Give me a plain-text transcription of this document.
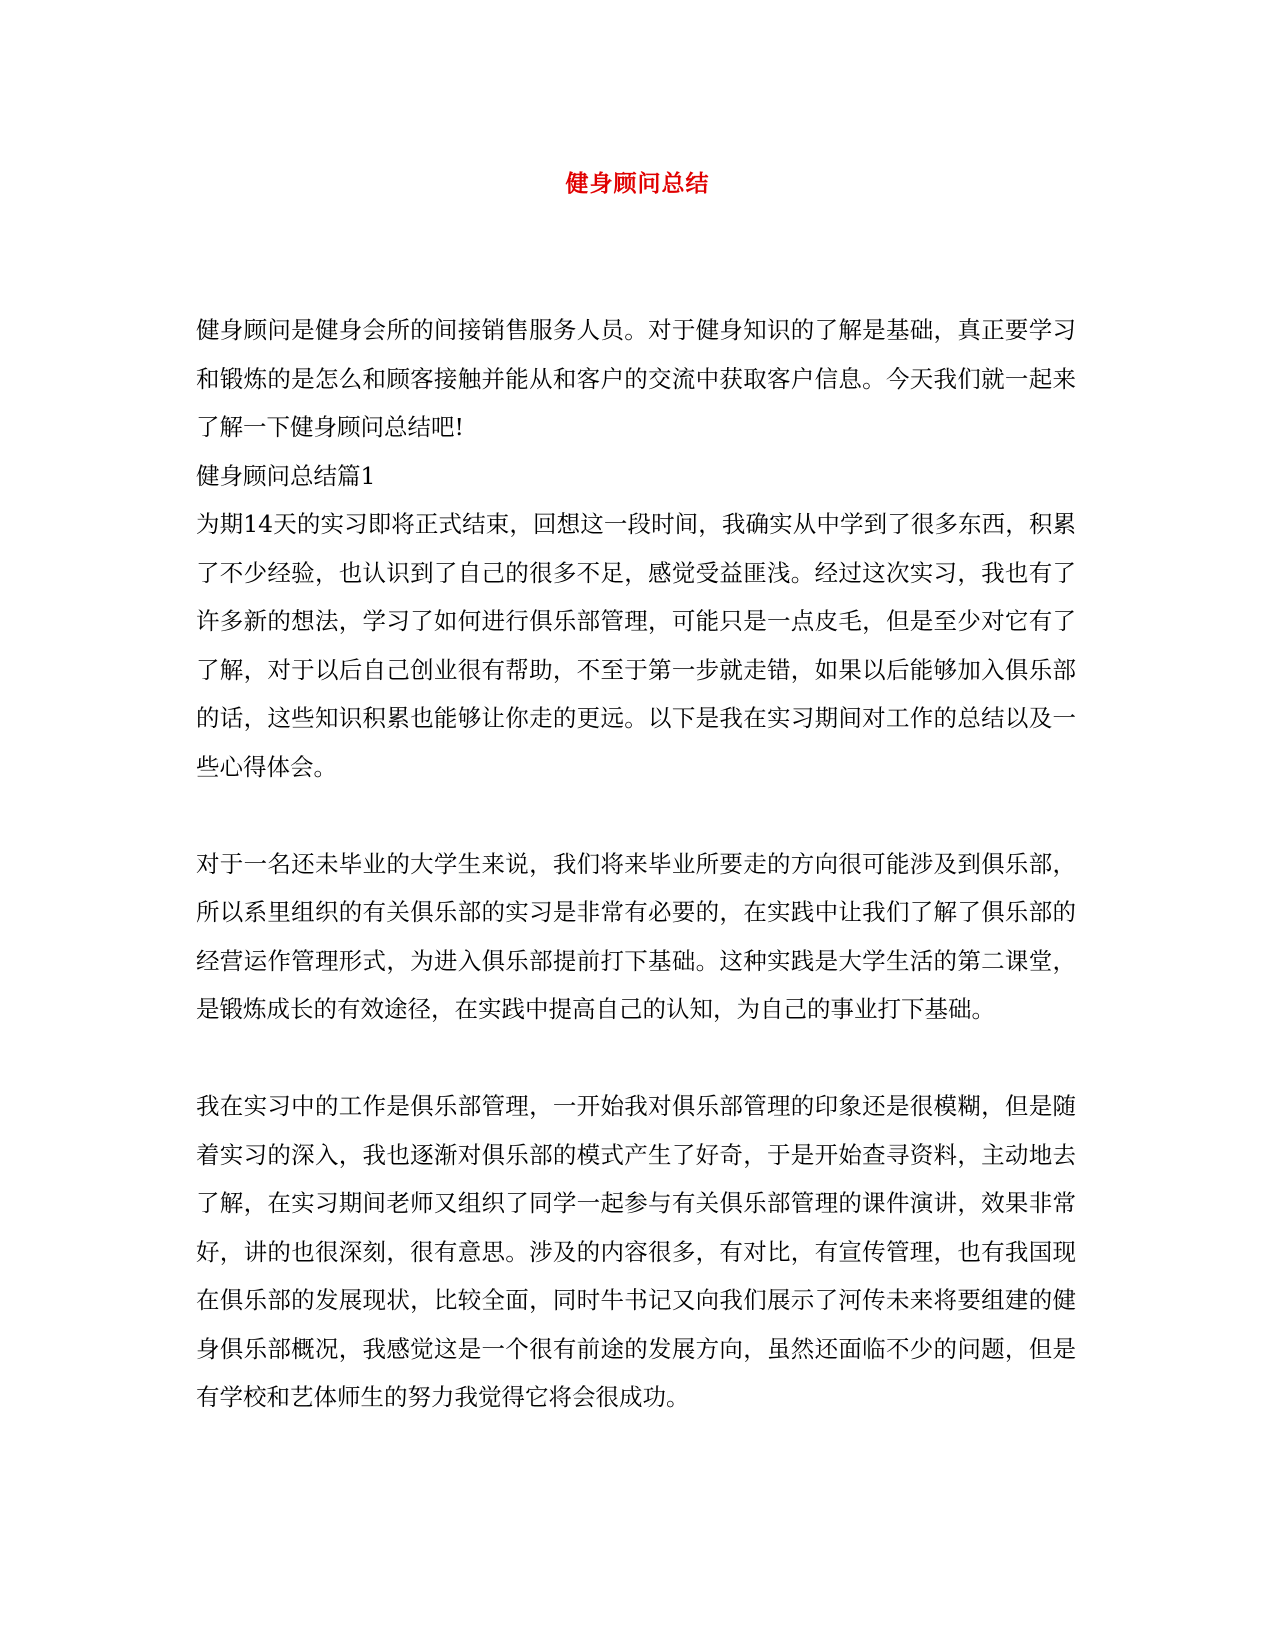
健身顾问总结

健身顾问是健身会所的间接销售服务人员。对于健身知识的了解是基础，真正要学习和锻炼的是怎么和顾客接触并能从和客户的交流中获取客户信息。今天我们就一起来了解一下健身顾问总结吧!

健身顾问总结篇1

为期14天的实习即将正式结束，回想这一段时间，我确实从中学到了很多东西，积累了不少经验，也认识到了自己的很多不足，感觉受益匪浅。经过这次实习，我也有了许多新的想法，学习了如何进行俱乐部管理，可能只是一点皮毛，但是至少对它有了了解，对于以后自己创业很有帮助，不至于第一步就走错，如果以后能够加入俱乐部的话，这些知识积累也能够让你走的更远。以下是我在实习期间对工作的总结以及一些心得体会。

对于一名还未毕业的大学生来说，我们将来毕业所要走的方向很可能涉及到俱乐部，所以系里组织的有关俱乐部的实习是非常有必要的，在实践中让我们了解了俱乐部的经营运作管理形式，为进入俱乐部提前打下基础。这种实践是大学生活的第二课堂，是锻炼成长的有效途径，在实践中提高自己的认知，为自己的事业打下基础。

我在实习中的工作是俱乐部管理，一开始我对俱乐部管理的印象还是很模糊，但是随着实习的深入，我也逐渐对俱乐部的模式产生了好奇，于是开始查寻资料，主动地去了解，在实习期间老师又组织了同学一起参与有关俱乐部管理的课件演讲，效果非常好，讲的也很深刻，很有意思。涉及的内容很多，有对比，有宣传管理，也有我国现在俱乐部的发展现状，比较全面，同时牛书记又向我们展示了河传未来将要组建的健身俱乐部概况，我感觉这是一个很有前途的发展方向，虽然还面临不少的问题，但是有学校和艺体师生的努力我觉得它将会很成功。
